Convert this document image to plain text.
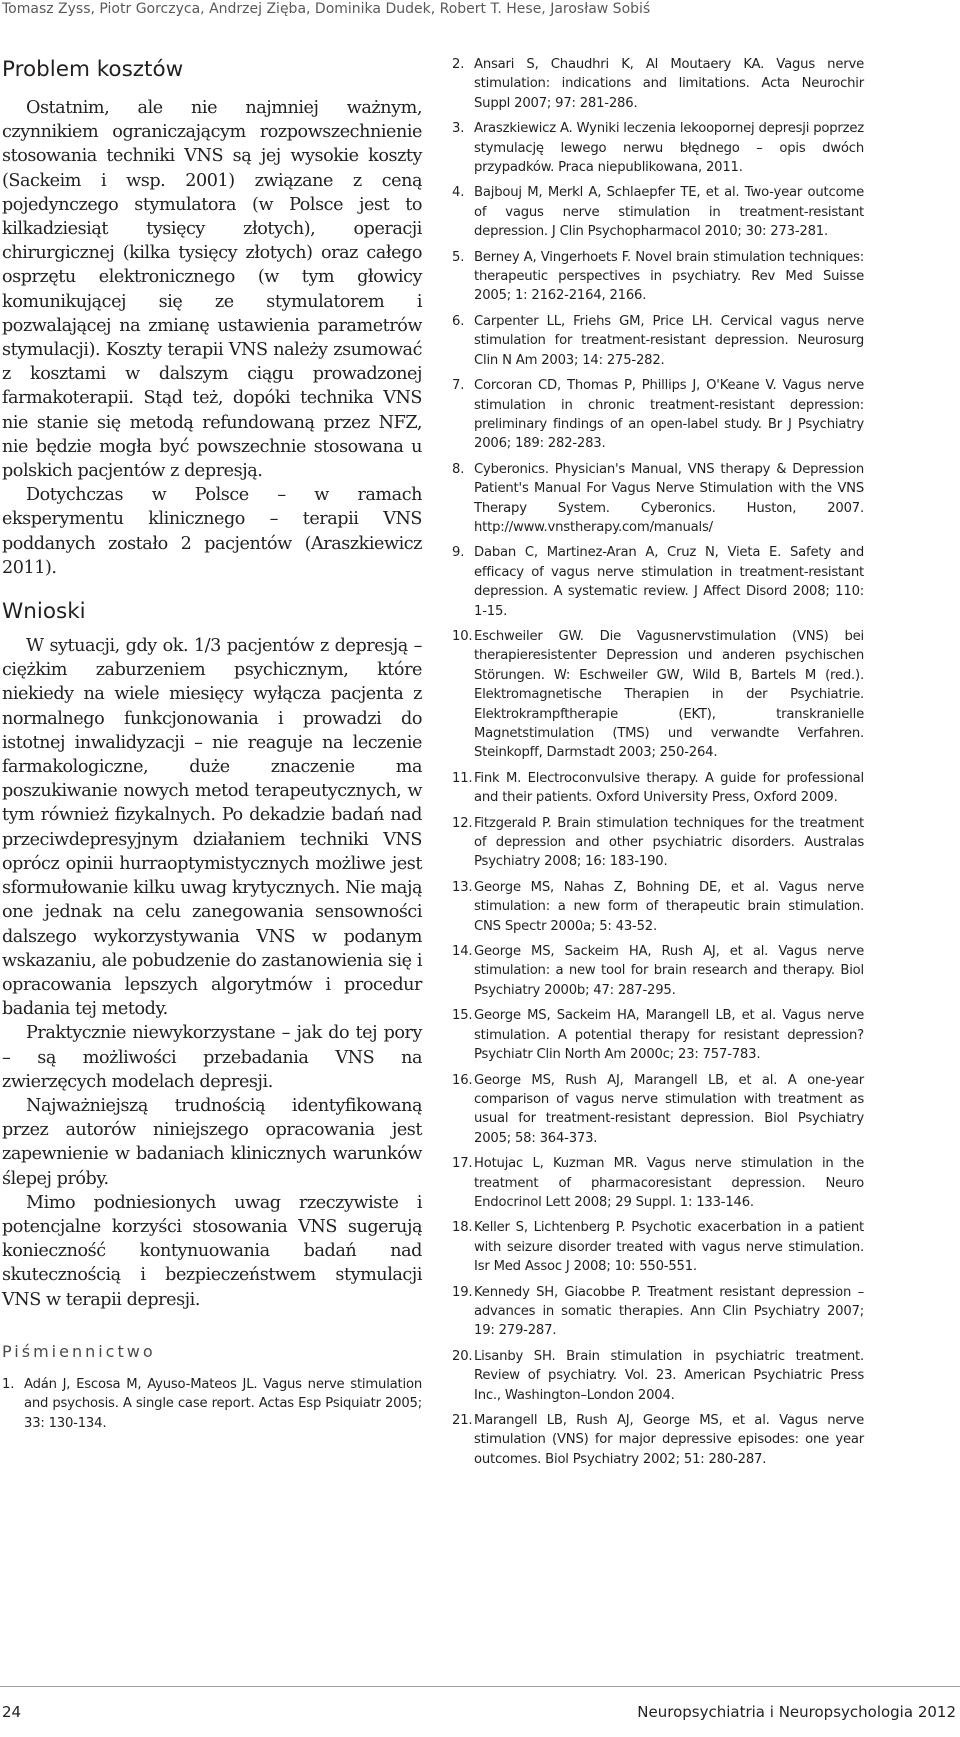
Tomasz Zyss, Piotr Gorczyca, Andrzej Zięba, Dominika Dudek, Robert T. Hese, Jarosław Sobiś
Problem kosztów

Ostatnim, ale nie najmniej ważnym, czynnikiem ograniczającym rozpowszechnienie stosowania techniki VNS są jej wysokie koszty (Sackeim i wsp. 2001) związane z ceną pojedynczego stymulatora (w Polsce jest to kilkadziesiąt tysięcy złotych), operacji chirurgicznej (kilka tysięcy złotych) oraz całego osprzętu elektronicznego (w tym głowicy komunikującej się ze stymulatorem i pozwalającej na zmianę ustawienia parametrów stymulacji). Koszty terapii VNS należy zsumować z kosztami w dalszym ciągu prowadzonej farmakoterapii. Stąd też, dopóki technika VNS nie stanie się metodą refundowaną przez NFZ, nie będzie mogła być powszechnie stosowana u polskich pacjentów z depresją.

Dotychczas w Polsce – w ramach eksperymentu klinicznego – terapii VNS poddanych zostało 2 pacjentów (Araszkiewicz 2011).

Wnioski

W sytuacji, gdy ok. 1/3 pacjentów z depresją – ciężkim zaburzeniem psychicznym, które niekiedy na wiele miesięcy wyłącza pacjenta z normalnego funkcjonowania i prowadzi do istotnej inwalidyzacji – nie reaguje na leczenie farmakologiczne, duże znaczenie ma poszukiwanie nowych metod terapeutycznych, w tym również fizykalnych. Po dekadzie badań nad przeciwdepresyjnym działaniem techniki VNS oprócz opinii hurraoptymistycznych możliwe jest sformułowanie kilku uwag krytycznych. Nie mają one jednak na celu zanegowania sensowności dalszego wykorzystywania VNS w podanym wskazaniu, ale pobudzenie do zastanowienia się i opracowania lepszych algorytmów i procedur badania tej metody.

Praktycznie niewykorzystane – jak do tej pory – są możliwości przebadania VNS na zwierzęcych modelach depresji.

Najważniejszą trudnością identyfikowaną przez autorów niniejszego opracowania jest zapewnienie w badaniach klinicznych warunków ślepej próby.

Mimo podniesionych uwag rzeczywiste i potencjalne korzyści stosowania VNS sugerują konieczność kontynuowania badań nad skutecznością i bezpieczeństwem stymulacji VNS w terapii depresji.

Piśmiennictwo
1. Adán J, Escosa M, Ayuso-Mateos JL. Vagus nerve stimulation and psychosis. A single case report. Actas Esp Psiquiatr 2005; 33: 130-134.
2. Ansari S, Chaudhri K, Al Moutaery KA. Vagus nerve stimulation: indications and limitations. Acta Neurochir Suppl 2007; 97: 281-286.
3. Araszkiewicz A. Wyniki leczenia lekoopornej depresji poprzez stymulację lewego nerwu błędnego – opis dwóch przypadków. Praca niepublikowana, 2011.
4. Bajbouj M, Merkl A, Schlaepfer TE, et al. Two-year outcome of vagus nerve stimulation in treatment-resistant depression. J Clin Psychopharmacol 2010; 30: 273-281.
5. Berney A, Vingerhoets F. Novel brain stimulation techniques: therapeutic perspectives in psychiatry. Rev Med Suisse 2005; 1: 2162-2164, 2166.
6. Carpenter LL, Friehs GM, Price LH. Cervical vagus nerve stimulation for treatment-resistant depression. Neurosurg Clin N Am 2003; 14: 275-282.
7. Corcoran CD, Thomas P, Phillips J, O'Keane V. Vagus nerve stimulation in chronic treatment-resistant depression: preliminary findings of an open-label study. Br J Psychiatry 2006; 189: 282-283.
8. Cyberonics. Physician's Manual, VNS therapy & Depression Patient's Manual For Vagus Nerve Stimulation with the VNS Therapy System. Cyberonics. Huston, 2007. http://www.vnstherapy.com/manuals/
9. Daban C, Martinez-Aran A, Cruz N, Vieta E. Safety and efficacy of vagus nerve stimulation in treatment-resistant depression. A systematic review. J Affect Disord 2008; 110: 1-15.
10. Eschweiler GW. Die Vagusnervstimulation (VNS) bei therapieresistenter Depression und anderen psychischen Störungen. W: Eschweiler GW, Wild B, Bartels M (red.). Elektromagnetische Therapien in der Psychiatrie. Elektrokrampftherapie (EKT), transkranielle Magnetstimulation (TMS) und verwandte Verfahren. Steinkopff, Darmstadt 2003; 250-264.
11. Fink M. Electroconvulsive therapy. A guide for professional and their patients. Oxford University Press, Oxford 2009.
12. Fitzgerald P. Brain stimulation techniques for the treatment of depression and other psychiatric disorders. Australas Psychiatry 2008; 16: 183-190.
13. George MS, Nahas Z, Bohning DE, et al. Vagus nerve stimulation: a new form of therapeutic brain stimulation. CNS Spectr 2000a; 5: 43-52.
14. George MS, Sackeim HA, Rush AJ, et al. Vagus nerve stimulation: a new tool for brain research and therapy. Biol Psychiatry 2000b; 47: 287-295.
15. George MS, Sackeim HA, Marangell LB, et al. Vagus nerve stimulation. A potential therapy for resistant depression? Psychiatr Clin North Am 2000c; 23: 757-783.
16. George MS, Rush AJ, Marangell LB, et al. A one-year comparison of vagus nerve stimulation with treatment as usual for treatment-resistant depression. Biol Psychiatry 2005; 58: 364-373.
17. Hotujac L, Kuzman MR. Vagus nerve stimulation in the treatment of pharmacoresistant depression. Neuro Endocrinol Lett 2008; 29 Suppl. 1: 133-146.
18. Keller S, Lichtenberg P. Psychotic exacerbation in a patient with seizure disorder treated with vagus nerve stimulation. Isr Med Assoc J 2008; 10: 550-551.
19. Kennedy SH, Giacobbe P. Treatment resistant depression – advances in somatic therapies. Ann Clin Psychiatry 2007; 19: 279-287.
20. Lisanby SH. Brain stimulation in psychiatric treatment. Review of psychiatry. Vol. 23. American Psychiatric Press Inc., Washington–London 2004.
21. Marangell LB, Rush AJ, George MS, et al. Vagus nerve stimulation (VNS) for major depressive episodes: one year outcomes. Biol Psychiatry 2002; 51: 280-287.
24	Neuropsychiatria i Neuropsychologia 2012
